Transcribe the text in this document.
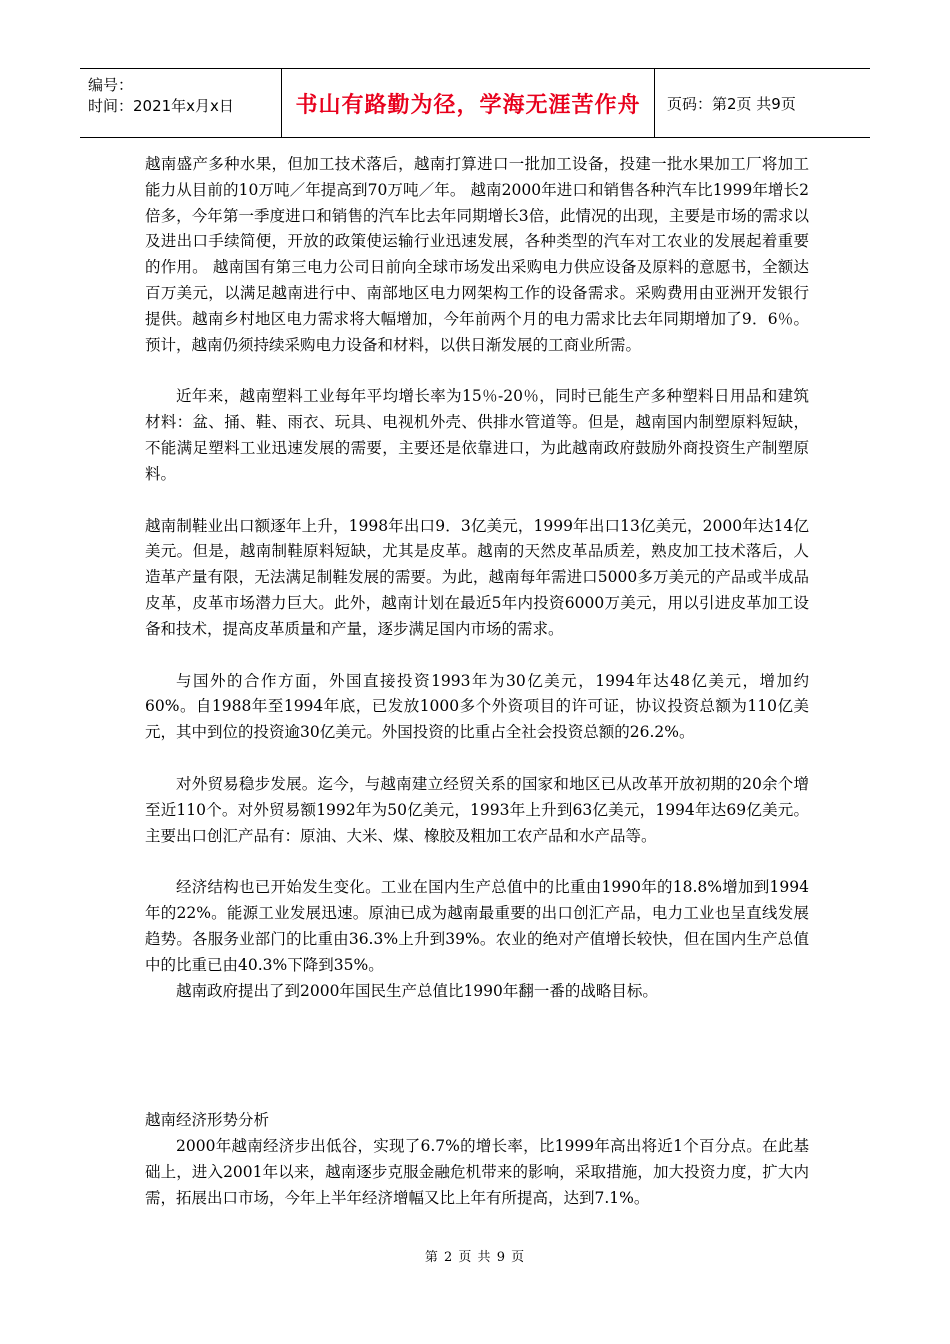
编号：
时间：2021年x月x日	书山有路勤为径，学海无涯苦作舟	页码：第2页 共9页

越南盛产多种水果，但加工技术落后，越南打算进口一批加工设备，投建一批水果加工厂将加工能力从目前的10万吨／年提高到70万吨／年。 越南2000年进口和销售各种汽车比1999年增长2倍多，今年第一季度进口和销售的汽车比去年同期增长3倍，此情况的出现，主要是市场的需求以及进出口手续简便，开放的政策使运输行业迅速发展，各种类型的汽车对工农业的发展起着重要的作用。 越南国有第三电力公司日前向全球市场发出采购电力供应设备及原料的意愿书，全额达百万美元，以满足越南进行中、南部地区电力网架构工作的设备需求。采购费用由亚洲开发银行提供。越南乡村地区电力需求将大幅增加，今年前两个月的电力需求比去年同期增加了9．6％。预计，越南仍须持续采购电力设备和材料，以供日渐发展的工商业所需。

近年来，越南塑料工业每年平均增长率为15％-20％，同时已能生产多种塑料日用品和建筑材料：盆、捅、鞋、雨衣、玩具、电视机外壳、供排水管道等。但是，越南国内制塑原料短缺，不能满足塑料工业迅速发展的需要，主要还是依靠进口，为此越南政府鼓励外商投资生产制塑原料。

越南制鞋业出口额逐年上升，1998年出口9．3亿美元，1999年出口13亿美元，2000年达14亿美元。但是，越南制鞋原料短缺，尤其是皮革。越南的天然皮革品质差，熟皮加工技术落后，人造革产量有限，无法满足制鞋发展的需要。为此，越南每年需进口5000多万美元的产品或半成品皮革，皮革市场潜力巨大。此外，越南计划在最近5年内投资6000万美元，用以引进皮革加工设备和技术，提高皮革质量和产量，逐步满足国内市场的需求。

与国外的合作方面，外国直接投资1993年为30亿美元，1994年达48亿美元，增加约60%。自1988年至1994年底，已发放1000多个外资项目的许可证，协议投资总额为110亿美元，其中到位的投资逾30亿美元。外国投资的比重占全社会投资总额的26.2%。

对外贸易稳步发展。迄今，与越南建立经贸关系的国家和地区已从改革开放初期的20余个增至近110个。对外贸易额1992年为50亿美元，1993年上升到63亿美元，1994年达69亿美元。主要出口创汇产品有：原油、大米、煤、橡胶及粗加工农产品和水产品等。

经济结构也已开始发生变化。工业在国内生产总值中的比重由1990年的18.8%增加到1994年的22%。能源工业发展迅速。原油已成为越南最重要的出口创汇产品，电力工业也呈直线发展趋势。各服务业部门的比重由36.3%上升到39%。农业的绝对产值增长较快，但在国内生产总值中的比重已由40.3%下降到35%。

越南政府提出了到2000年国民生产总值比1990年翻一番的战略目标。

越南经济形势分析

2000年越南经济步出低谷，实现了6.7%的增长率，比1999年高出将近1个百分点。在此基础上，进入2001年以来，越南逐步克服金融危机带来的影响，采取措施，加大投资力度，扩大内需，拓展出口市场，今年上半年经济增幅又比上年有所提高，达到7.1%。

第 2 页 共 9 页
